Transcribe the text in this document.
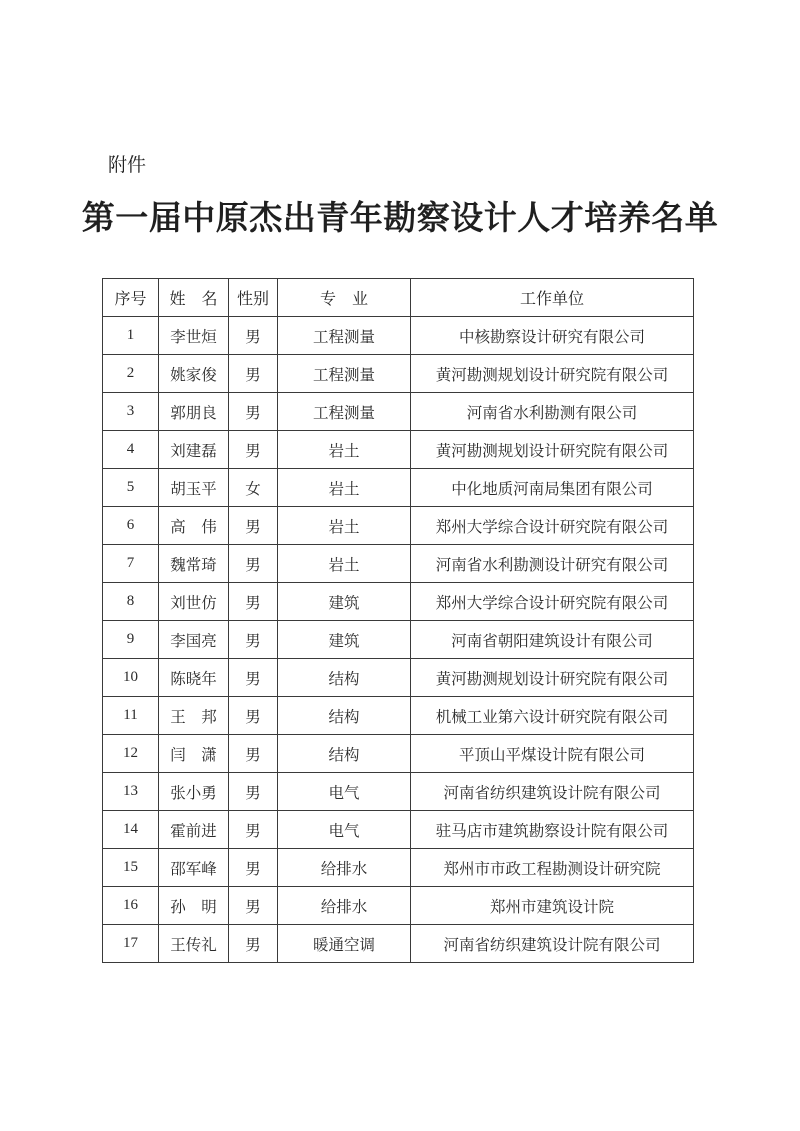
附件
第一届中原杰出青年勘察设计人才培养名单
序号	姓　名	性别	专　业	工作单位
1	李世烜	男	工程测量	中核勘察设计研究有限公司
2	姚家俊	男	工程测量	黄河勘测规划设计研究院有限公司
3	郭朋良	男	工程测量	河南省水利勘测有限公司
4	刘建磊	男	岩土	黄河勘测规划设计研究院有限公司
5	胡玉平	女	岩土	中化地质河南局集团有限公司
6	高　伟	男	岩土	郑州大学综合设计研究院有限公司
7	魏常琦	男	岩土	河南省水利勘测设计研究有限公司
8	刘世仿	男	建筑	郑州大学综合设计研究院有限公司
9	李国亮	男	建筑	河南省朝阳建筑设计有限公司
10	陈晓年	男	结构	黄河勘测规划设计研究院有限公司
11	王　邦	男	结构	机械工业第六设计研究院有限公司
12	闫　潇	男	结构	平顶山平煤设计院有限公司
13	张小勇	男	电气	河南省纺织建筑设计院有限公司
14	霍前进	男	电气	驻马店市建筑勘察设计院有限公司
15	邵军峰	男	给排水	郑州市市政工程勘测设计研究院
16	孙　明	男	给排水	郑州市建筑设计院
17	王传礼	男	暖通空调	河南省纺织建筑设计院有限公司
